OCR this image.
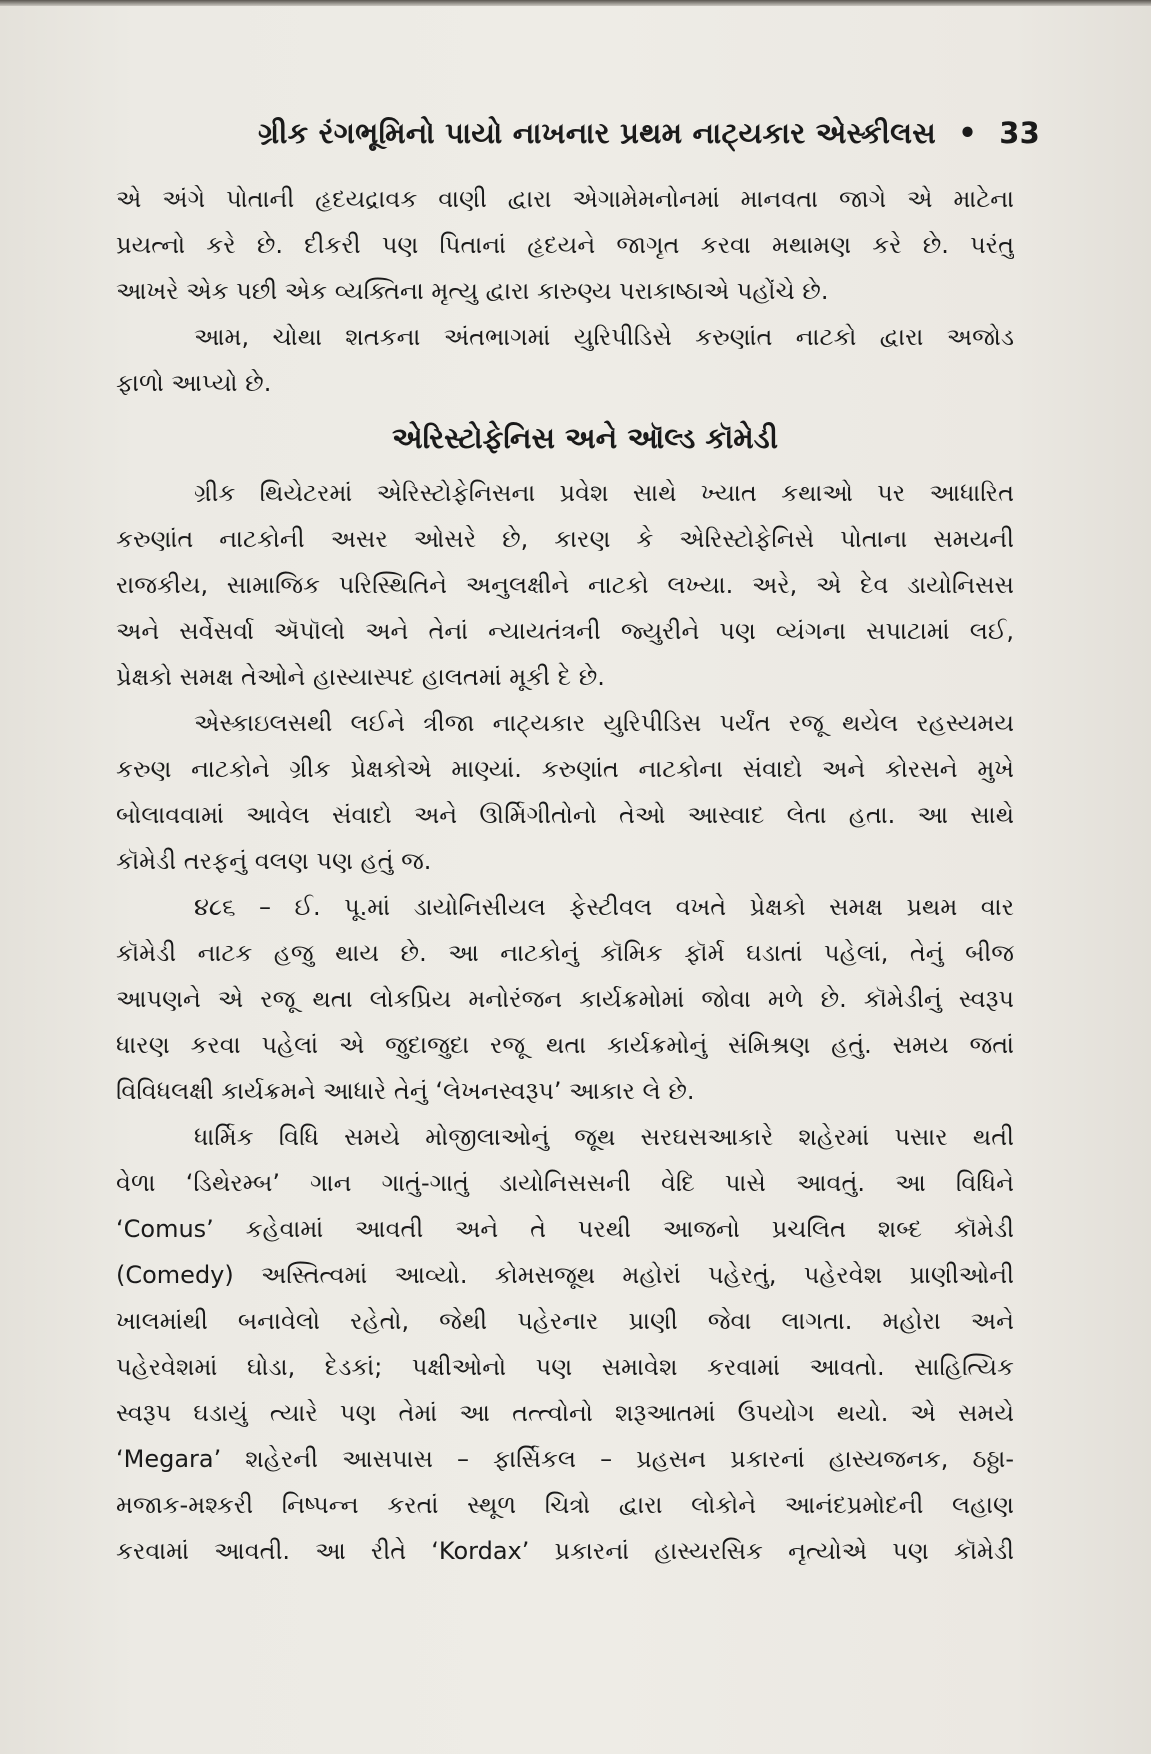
ગ્રીક રંગભૂમિનો પાયો નાખનાર પ્રથમ નાટ્યકાર એસ્કીલસ • 33
એ અંગે પોતાની હૃદયદ્રાવક વાણી દ્વારા એગામેમનોનમાં માનવતા જાગે એ માટેના
પ્રયત્નો કરે છે. દીકરી પણ પિતાનાં હૃદયને જાગૃત કરવા મથામણ કરે છે. પરંતુ
આખરે એક પછી એક વ્યક્તિના મૃત્યુ દ્વારા કારુણ્ય પરાકાષ્ઠાએ પહોંચે છે.
આમ, ચોથા શતકના અંતભાગમાં યુરિપીડિસે કરુણાંત નાટકો દ્વારા અજોડ
ફાળો આપ્યો છે.
એરિસ્ટોફેનિસ અને ઑલ્ડ કૉમેડી
ગ્રીક થિયેટરમાં એરિસ્ટોફેનિસના પ્રવેશ સાથે ખ્યાત કથાઓ પર આધારિત
કરુણાંત નાટકોની અસર ઓસરે છે, કારણ કે એરિસ્ટોફેનિસે પોતાના સમયની
રાજકીય, સામાજિક પરિસ્થિતિને અનુલક્ષીને નાટકો લખ્યા. અરે, એ દેવ ડાયોનિસસ
અને સર્વેસર્વા ઍપૉલો અને તેનાં ન્યાયતંત્રની જ્યુરીને પણ વ્યંગના સપાટામાં લઈ,
પ્રેક્ષકો સમક્ષ તેઓને હાસ્યાસ્પદ હાલતમાં મૂકી દે છે.
એસ્કાઇલસથી લઈને ત્રીજા નાટ્યકાર યુરિપીડિસ પર્યંત રજૂ થયેલ રહસ્યમય
કરુણ નાટકોને ગ્રીક પ્રેક્ષકોએ માણ્યાં. કરુણાંત નાટકોના સંવાદો અને કોરસને મુખે
બોલાવવામાં આવેલ સંવાદો અને ઊર્મિગીતોનો તેઓ આસ્વાદ લેતા હતા. આ સાથે
કૉમેડી તરફનું વલણ પણ હતું જ.
૪૮૬ – ઈ. પૂ.માં ડાયોનિસીયલ ફેસ્ટીવલ વખતે પ્રેક્ષકો સમક્ષ પ્રથમ વાર
કૉમેડી નાટક હજુ થાય છે. આ નાટકોનું કૉમિક ફૉર્મ ઘડાતાં પહેલાં, તેનું બીજ
આપણને એ રજૂ થતા લોકપ્રિય મનોરંજન કાર્યક્રમોમાં જોવા મળે છે. કૉમેડીનું સ્વરૂપ
ધારણ કરવા પહેલાં એ જુદાજુદા રજૂ થતા કાર્યક્રમોનું સંમિશ્રણ હતું. સમય જતાં
વિવિધલક્ષી કાર્યક્રમને આધારે તેનું ‘લેખનસ્વરૂપ’ આકાર લે છે.
ધાર્મિક વિધિ સમયે મોજીલાઓનું જૂથ સરઘસઆકારે શહેરમાં પસાર થતી
વેળા ‘ડિથેરમ્બ’ ગાન ગાતું-ગાતું ડાયોનિસસની વેદિ પાસે આવતું. આ વિધિને
‘Comus’ કહેવામાં આવતી અને તે પરથી આજનો પ્રચલિત શબ્દ કૉમેડી
(Comedy) અસ્તિત્વમાં આવ્યો. કોમસજૂથ મહોરાં પહેરતું, પહેરવેશ પ્રાણીઓની
ખાલમાંથી બનાવેલો રહેતો, જેથી પહેરનાર પ્રાણી જેવા લાગતા. મહોરા અને
પહેરવેશમાં ઘોડા, દેડકાં; પક્ષીઓનો પણ સમાવેશ કરવામાં આવતો. સાહિત્યિક
સ્વરૂપ ઘડાયું ત્યારે પણ તેમાં આ તત્ત્વોનો શરૂઆતમાં ઉપયોગ થયો. એ સમયે
‘Megara’ શહેરની આસપાસ – ફાર્સિકલ – પ્રહસન પ્રકારનાં હાસ્યજનક, ઠઠ્ઠા-
મજાક-મશ્કરી નિષ્પન્ન કરતાં સ્થૂળ ચિત્રો દ્વારા લોકોને આનંદપ્રમોદની લહાણ
કરવામાં આવતી. આ રીતે ‘Kordax’ પ્રકારનાં હાસ્યરસિક નૃત્યોએ પણ કૉમેડી
